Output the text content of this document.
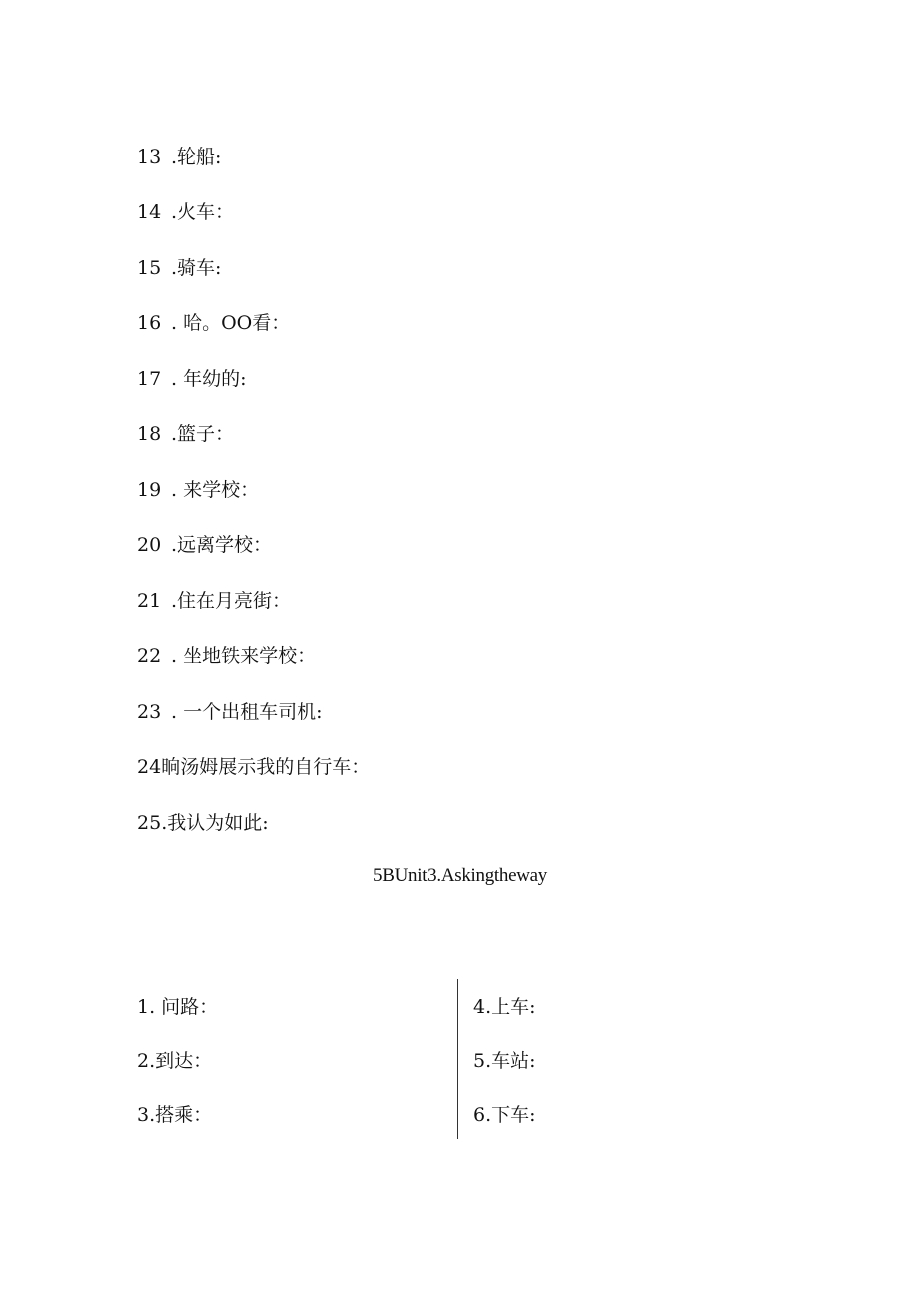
13 .轮船:
14 .火车：
15 .骑车:
16 . 哈。OO看：
17 . 年幼的:
18 .篮子：
19 . 来学校：
20 .远离学校：
21 .住在月亮街：
22 . 坐地铁来学校：
23 . 一个出租车司机:
24晌汤姆展示我的自行车：
25.我认为如此:
5BUnit3.Askingtheway
1. 问路：
2.到达：
3.搭乘：
4.上车:
5.车站:
6.下车:
